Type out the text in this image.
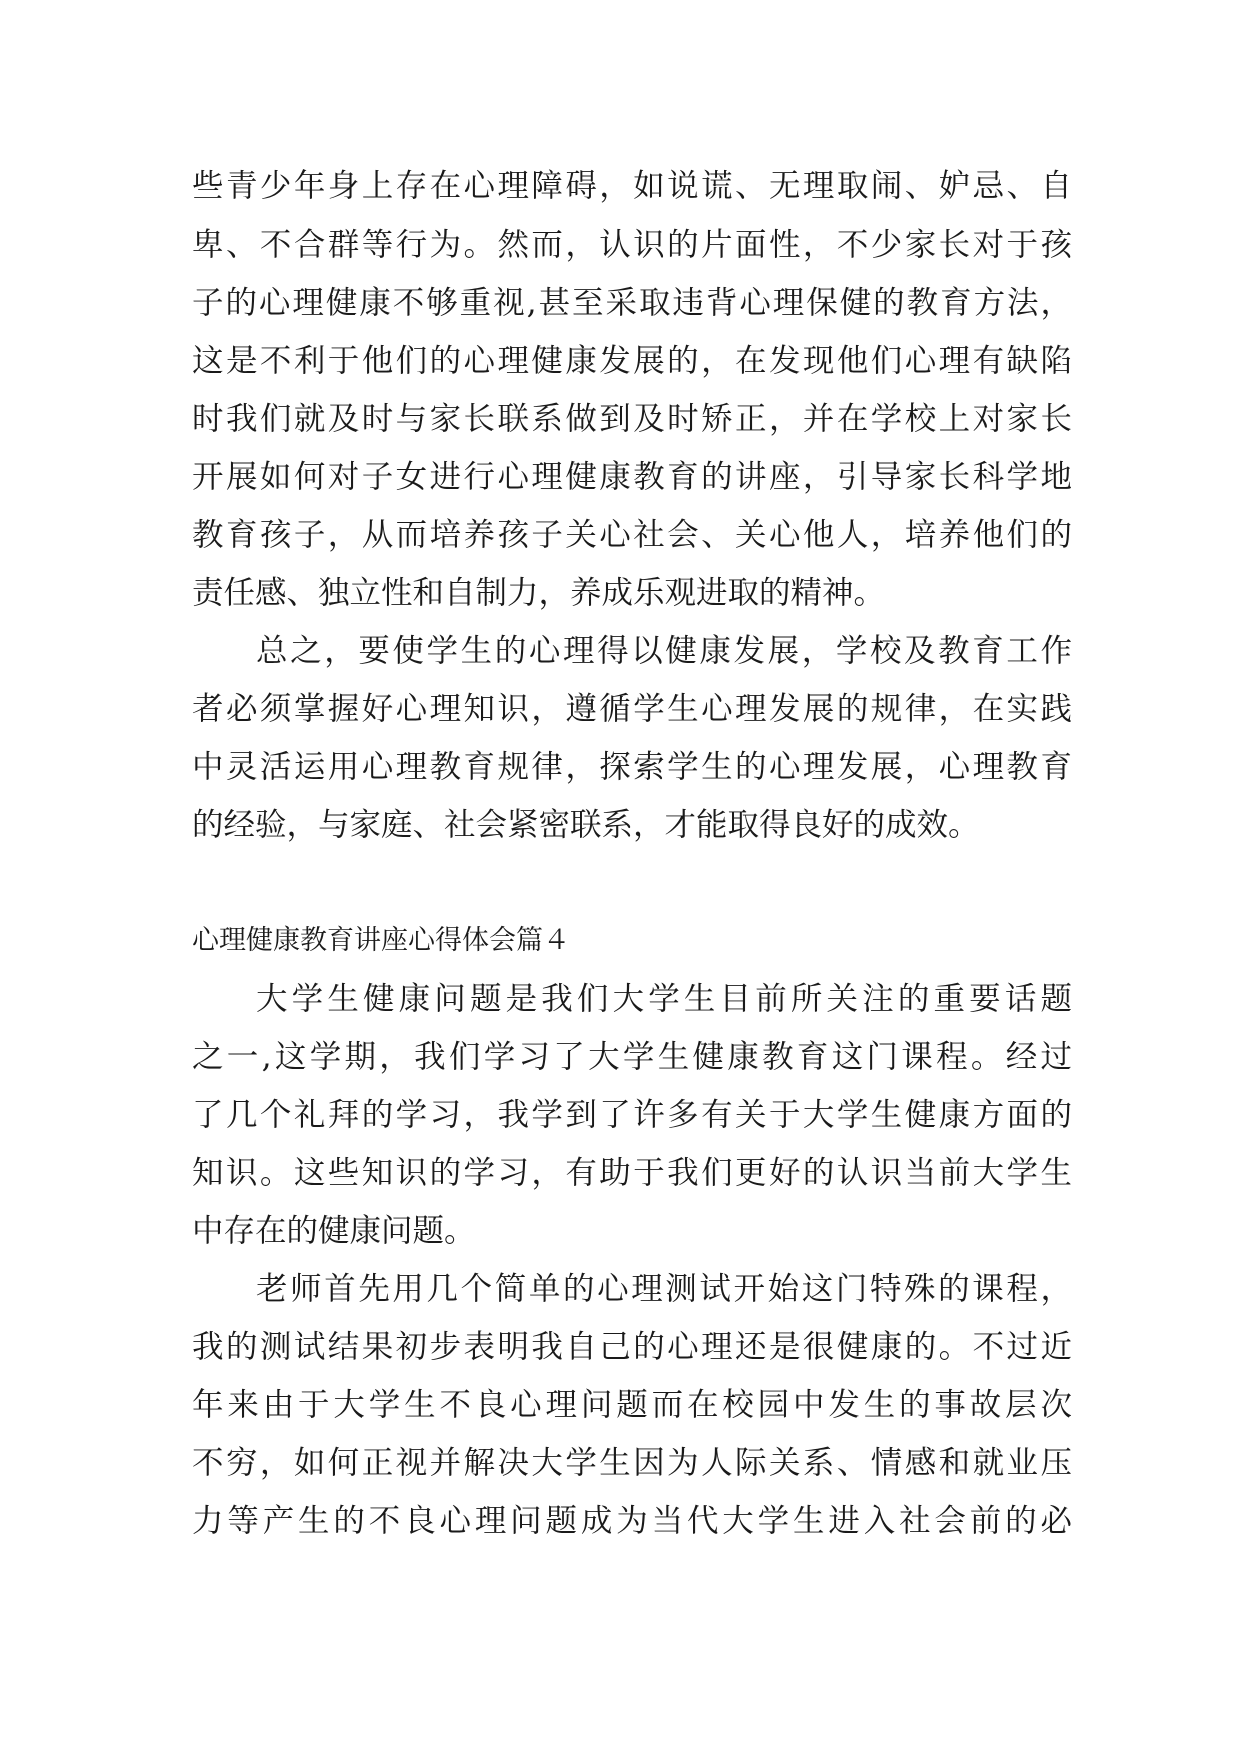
些青少年身上存在心理障碍，如说谎、无理取闹、妒忌、自
卑、不合群等行为。然而，认识的片面性，不少家长对于孩
子的心理健康不够重视,甚至采取违背心理保健的教育方法，
这是不利于他们的心理健康发展的，在发现他们心理有缺陷
时我们就及时与家长联系做到及时矫正，并在学校上对家长
开展如何对子女进行心理健康教育的讲座，引导家长科学地
教育孩子，从而培养孩子关心社会、关心他人，培养他们的
责任感、独立性和自制力，养成乐观进取的精神。
总之，要使学生的心理得以健康发展，学校及教育工作
者必须掌握好心理知识，遵循学生心理发展的规律，在实践
中灵活运用心理教育规律，探索学生的心理发展，心理教育
的经验，与家庭、社会紧密联系，才能取得良好的成效。
心理健康教育讲座心得体会篇４
大学生健康问题是我们大学生目前所关注的重要话题
之一,这学期，我们学习了大学生健康教育这门课程。经过
了几个礼拜的学习，我学到了许多有关于大学生健康方面的
知识。这些知识的学习，有助于我们更好的认识当前大学生
中存在的健康问题。
老师首先用几个简单的心理测试开始这门特殊的课程，
我的测试结果初步表明我自己的心理还是很健康的。不过近
年来由于大学生不良心理问题而在校园中发生的事故层次
不穷，如何正视并解决大学生因为人际关系、情感和就业压
力等产生的不良心理问题成为当代大学生进入社会前的必
